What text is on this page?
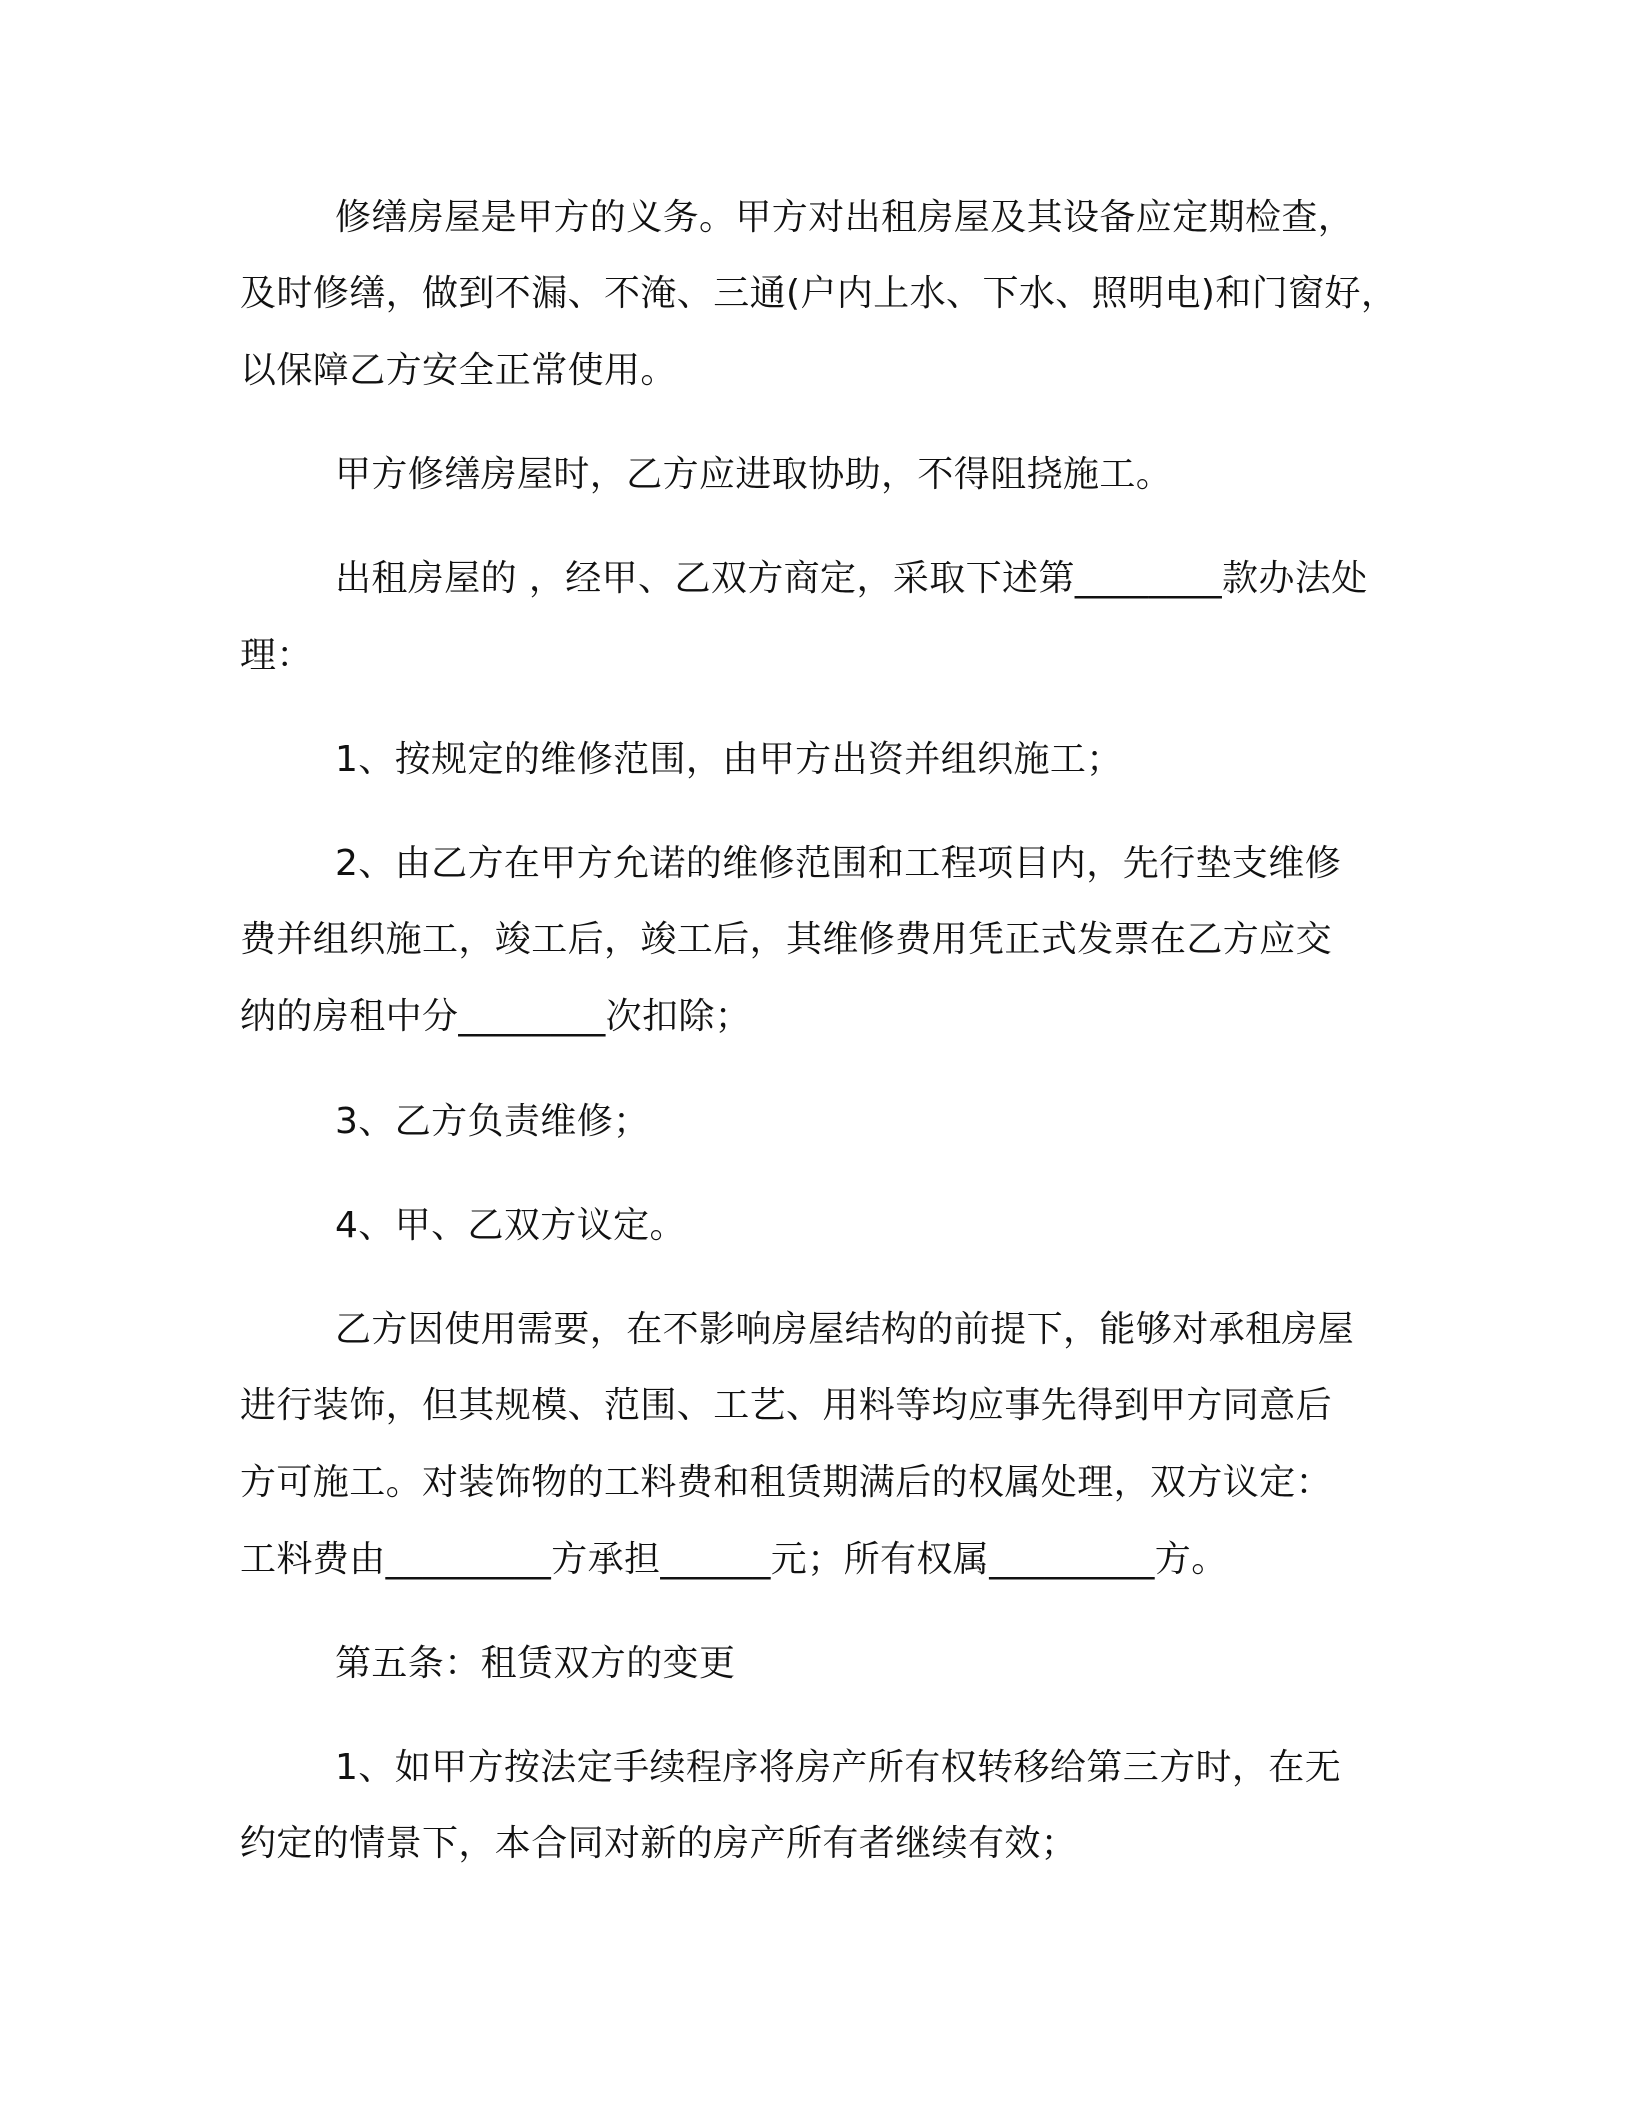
修缮房屋是甲方的义务。甲方对出租房屋及其设备应定期检查，
及时修缮，做到不漏、不淹、三通(户内上水、下水、照明电)和门窗好，
以保障乙方安全正常使用。
甲方修缮房屋时，乙方应进取协助，不得阻挠施工。
出租房屋的 ，经甲、乙双方商定，采取下述第________款办法处
理：
1、按规定的维修范围，由甲方出资并组织施工；
2、由乙方在甲方允诺的维修范围和工程项目内，先行垫支维修
费并组织施工，竣工后，竣工后，其维修费用凭正式发票在乙方应交
纳的房租中分________次扣除；
3、乙方负责维修；
4、甲、乙双方议定。
乙方因使用需要，在不影响房屋结构的前提下，能够对承租房屋
进行装饰，但其规模、范围、工艺、用料等均应事先得到甲方同意后
方可施工。对装饰物的工料费和租赁期满后的权属处理，双方议定：
工料费由_________方承担______元；所有权属_________方。
第五条：租赁双方的变更
1、如甲方按法定手续程序将房产所有权转移给第三方时，在无
约定的情景下，本合同对新的房产所有者继续有效；
